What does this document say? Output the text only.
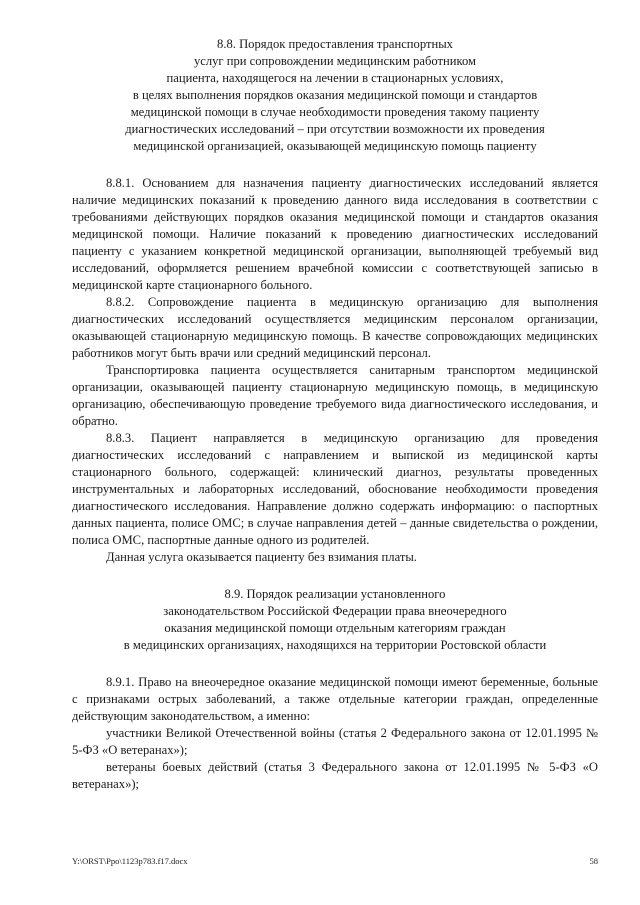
8.8. Порядок предоставления транспортных
услуг при сопровождении медицинским работником
пациента, находящегося на лечении в стационарных условиях,
в целях выполнения порядков оказания медицинской помощи и стандартов
медицинской помощи в случае необходимости проведения такому пациенту
диагностических исследований – при отсутствии возможности их проведения
медицинской организацией, оказывающей медицинскую помощь пациенту

8.8.1. Основанием для назначения пациенту диагностических исследований является наличие медицинских показаний к проведению данного вида исследования в соответствии с требованиями действующих порядков оказания медицинской помощи и стандартов оказания медицинской помощи. Наличие показаний к проведению диагностических исследований пациенту с указанием конкретной медицинской организации, выполняющей требуемый вид исследований, оформляется решением врачебной комиссии с соответствующей записью в медицинской карте стационарного больного.

8.8.2. Сопровождение пациента в медицинскую организацию для выполнения диагностических исследований осуществляется медицинским персоналом организации, оказывающей стационарную медицинскую помощь. В качестве сопровождающих медицинских работников могут быть врачи или средний медицинский персонал.

Транспортировка пациента осуществляется санитарным транспортом медицинской организации, оказывающей пациенту стационарную медицинскую помощь, в медицинскую организацию, обеспечивающую проведение требуемого вида диагностического исследования, и обратно.

8.8.3. Пациент направляется в медицинскую организацию для проведения диагностических исследований с направлением и выпиской из медицинской карты стационарного больного, содержащей: клинический диагноз, результаты проведенных инструментальных и лабораторных исследований, обоснование необходимости проведения диагностического исследования. Направление должно содержать информацию: о паспортных данных пациента, полисе ОМС; в случае направления детей – данные свидетельства о рождении, полиса ОМС, паспортные данные одного из родителей.

Данная услуга оказывается пациенту без взимания платы.

8.9. Порядок реализации установленного
законодательством Российской Федерации права внеочередного
оказания медицинской помощи отдельным категориям граждан
в медицинских организациях, находящихся на территории Ростовской области

8.9.1. Право на внеочередное оказание медицинской помощи имеют беременные, больные с признаками острых заболеваний, а также отдельные категории граждан, определенные действующим законодательством, а именно:

участники Великой Отечественной войны (статья 2 Федерального закона от 12.01.1995 № 5-ФЗ «О ветеранах»);

ветераны боевых действий (статья 3 Федерального закона от 12.01.1995 № 5-ФЗ «О ветеранах»);

Y:\ORST\Ppo\1123p783.f17.docx	58
